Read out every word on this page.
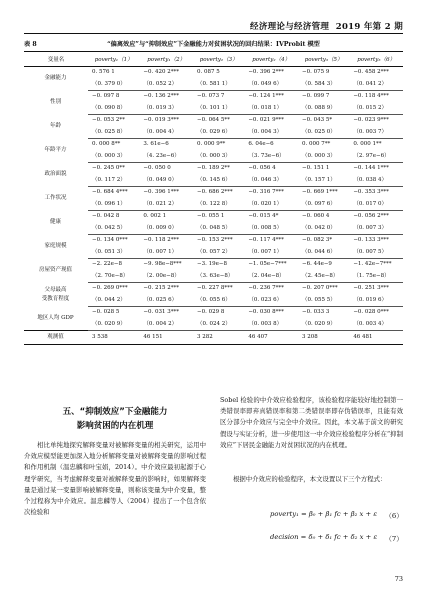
经济理论与经济管理 2019 年第 2 期
表 8	“偏离效应”与“抑制效应”下金融能力对贫困状况的回归结果：IVProbit 模型
变量名	poverty₁（1）	poverty₁（2）	poverty₂（3）	poverty₂（4）	poverty₃（5）	poverty₃（6）
金融能力	0. 576 1	−0. 420 2***	0. 087 5	−0. 396 2***	−0. 075 9	−0. 458 2***
	（0. 379 0）	（0. 052 2）	（0. 581 1）	（0. 049 6）	（0. 584 3）	（0. 041 2）
性别	−0. 097 8	−0. 136 2***	−0. 073 7	−0. 124 1***	−0. 099 7	−0. 118 4***
	（0. 090 8）	（0. 019 3）	（0. 101 1）	（0. 018 1）	（0. 088 9）	（0. 015 2）
年龄	−0. 053 2**	−0. 019 3***	−0. 064 5**	−0. 021 9***	−0. 043 5*	−0. 023 9***
	（0. 025 8）	（0. 004 4）	（0. 029 6）	（0. 004 3）	（0. 025 0）	（0. 003 7）
年龄平方	0. 000 8**	3. 61e−6	0. 000 9**	6. 04e−6	0. 000 7**	0. 000 1**
	（0. 000 3）	（4. 23e−6）	（0. 000 3）	（3. 73e−6）	（0. 000 3）	（2. 97e−6）
政治面貌	−0. 245 0**	−0. 050 0	−0. 189 2**	−0. 056 4	−0. 151 1	−0. 144 1***
	（0. 117 2）	（0. 049 0）	（0. 145 6）	（0. 046 3）	（0. 157 1）	（0. 038 4）
工作状况	−0. 684 4***	−0. 396 1***	−0. 686 2***	−0. 316 7***	−0. 669 1***	−0. 353 3***
	（0. 096 1）	（0. 021 2）	（0. 122 8）	（0. 020 1）	（0. 097 6）	（0. 017 0）
健康	−0. 042 8	0. 002 1	−0. 055 1	−0. 015 4*	−0. 060 4	−0. 056 2***
	（0. 042 5）	（0. 009 0）	（0. 048 5）	（0. 008 5）	（0. 042 0）	（0. 007 3）
家庭规模	−0. 134 0***	−0. 118 2***	−0. 153 2***	−0. 117 4***	−0. 082 3*	−0. 133 3***
	（0. 051 3）	（0. 007 1）	（0. 057 2）	（0. 007 1）	（0. 044 6）	（0. 007 5）
房屋资产现值	−2. 22e−8	−9. 98e−8***	−3. 19e−8	−1. 05e−7***	−6. 44e−9	−1. 42e−7***
	（2. 70e−8）	（2. 00e−8）	（3. 63e−8）	（2. 04e−8）	（2. 45e−8）	（1. 75e−8）
父母最高
受教育程度	−0. 269 0***	−0. 215 2***	−0. 227 8***	−0. 236 7***	−0. 207 0***	−0. 251 3***
	（0. 044 2）	（0. 025 6）	（0. 055 6）	（0. 023 6）	（0. 055 5）	（0. 019 6）
地区人均 GDP	−0. 028 5	−0. 031 3***	−0. 029 8	−0. 030 8***	−0. 033 3	−0. 028 0***
	（0. 020 9）	（0. 004 2）	（0. 024 2）	（0. 003 8）	（0. 020 9）	（0. 003 4）
观测值	3 538	46 151	3 282	46 407	3 208	46 481
五、“抑制效应”下金融能力
影响贫困的内在机理

相比单纯地探究解释变量对被解释变量的相关研究，运用中介效应模型能更加深入地分析解释变量对被解释变量的影响过程和作用机制（温忠麟和叶宝娟，2014）。中介效应最初起源于心理学研究，当考虑解释变量对被解释变量的影响时，如果解释变量是通过某一变量影响被解释变量，则称该变量为中介变量，整个过程称为中介效应。温忠麟等人（2004）提出了一个包含依次检验和

Sobel 检验的中介效应检验程序，该检验程序能较好地控制第一类错误率即弃真错误率和第二类错误率即存伪错误率，且能有效区分部分中介效应与完全中介效应。因此，本文基于前文的研究假设与实证分析，进一步使用这一中介效应检验程序分析在“抑制效应”下居民金融能力对贫困状况的内在机理。

根据中介效应的检验程序，本文设置以下三个方程式：

poverty₁ = β₀ + β₁ fc + β₂ x + ε （6）
decision = δ₀ + δ₁ fc + δ₂ x + ε （7）
73
